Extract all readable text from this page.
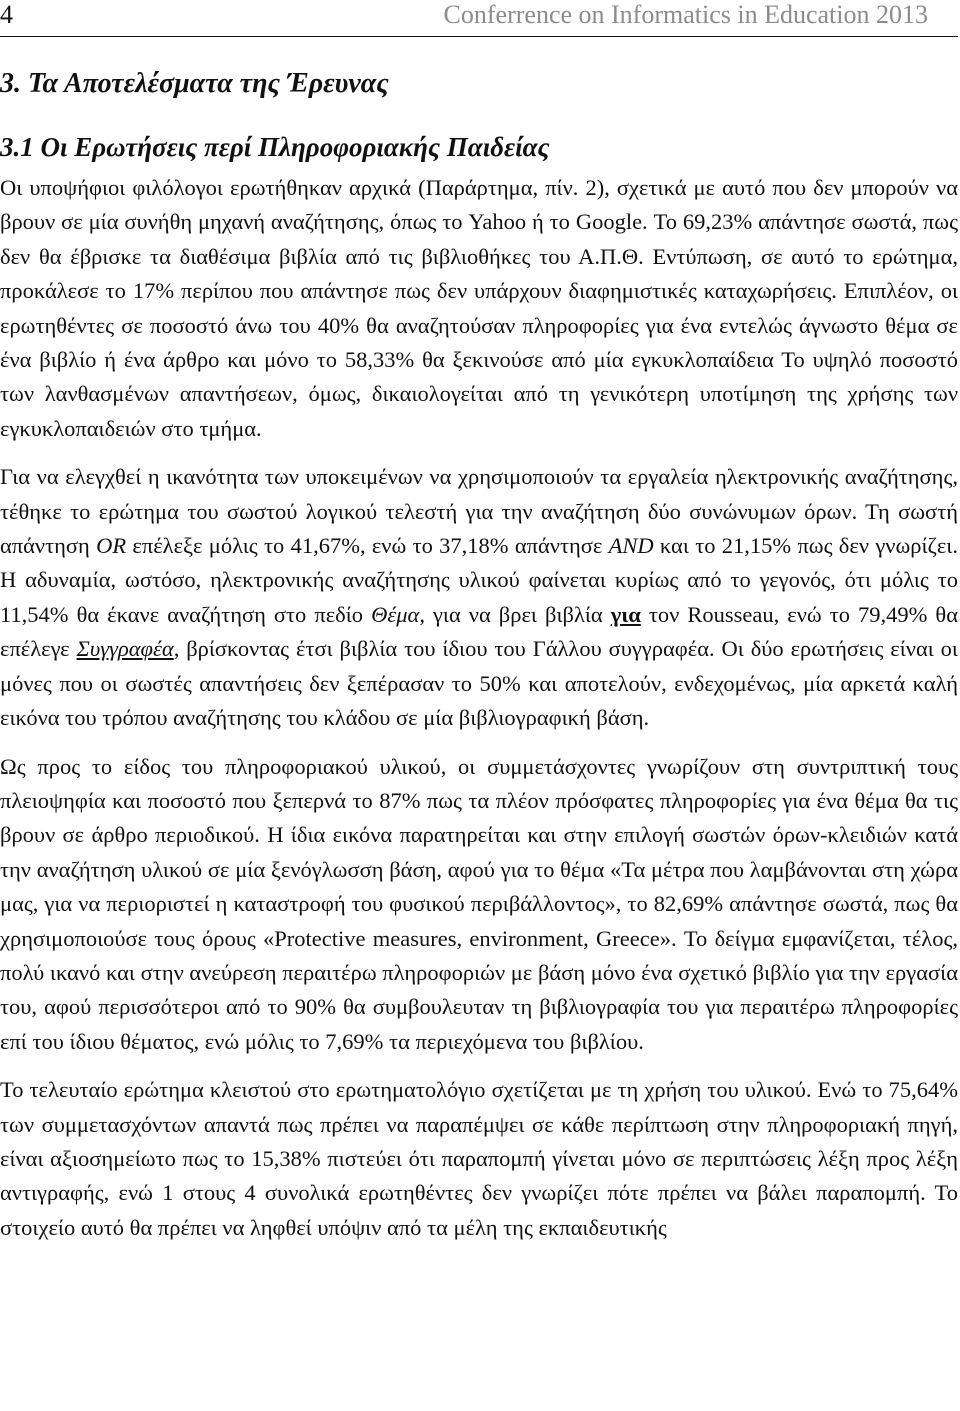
4	Conferrence on Informatics in Education 2013
3. Τα Αποτελέσματα της Έρευνας
3.1 Οι Ερωτήσεις περί Πληροφοριακής Παιδείας

Οι υποψήφιοι φιλόλογοι ερωτήθηκαν αρχικά (Παράρτημα, πίν. 2), σχετικά με αυτό που δεν μπορούν να βρουν σε μία συνήθη μηχανή αναζήτησης, όπως το Yahoo ή το Google. Το 69,23% απάντησε σωστά, πως δεν θα έβρισκε τα διαθέσιμα βιβλία από τις βιβλιοθήκες του Α.Π.Θ. Εντύπωση, σε αυτό το ερώτημα, προκάλεσε το 17% περίπου που απάντησε πως δεν υπάρχουν διαφημιστικές καταχωρήσεις. Επιπλέον, οι ερωτηθέντες σε ποσοστό άνω του 40% θα αναζητούσαν πληροφορίες για ένα εντελώς άγνωστο θέμα σε ένα βιβλίο ή ένα άρθρο και μόνο το 58,33% θα ξεκινούσε από μία εγκυκλοπαίδεια Το υψηλό ποσοστό των λανθασμένων απαντήσεων, όμως, δικαιολογείται από τη γενικότερη υποτίμηση της χρήσης των εγκυκλοπαιδειών στο τμήμα.

Για να ελεγχθεί η ικανότητα των υποκειμένων να χρησιμοποιούν τα εργαλεία ηλεκτρονικής αναζήτησης, τέθηκε το ερώτημα του σωστού λογικού τελεστή για την αναζήτηση δύο συνώνυμων όρων. Τη σωστή απάντηση OR επέλεξε μόλις το 41,67%, ενώ το 37,18% απάντησε AND και το 21,15% πως δεν γνωρίζει. Η αδυναμία, ωστόσο, ηλεκτρονικής αναζήτησης υλικού φαίνεται κυρίως από το γεγονός, ότι μόλις το 11,54% θα έκανε αναζήτηση στο πεδίο Θέμα, για να βρει βιβλία για τον Rousseau, ενώ το 79,49% θα επέλεγε Συγγραφέα, βρίσκοντας έτσι βιβλία του ίδιου του Γάλλου συγγραφέα. Οι δύο ερωτήσεις είναι οι μόνες που οι σωστές απαντήσεις δεν ξεπέρασαν το 50% και αποτελούν, ενδεχομένως, μία αρκετά καλή εικόνα του τρόπου αναζήτησης του κλάδου σε μία βιβλιογραφική βάση.

Ως προς το είδος του πληροφοριακού υλικού, οι συμμετάσχοντες γνωρίζουν στη συντριπτική τους πλειοψηφία και ποσοστό που ξεπερνά το 87% πως τα πλέον πρόσφατες πληροφορίες για ένα θέμα θα τις βρουν σε άρθρο περιοδικού. Η ίδια εικόνα παρατηρείται και στην επιλογή σωστών όρων-κλειδιών κατά την αναζήτηση υλικού σε μία ξενόγλωσση βάση, αφού για το θέμα «Τα μέτρα που λαμβάνονται στη χώρα μας, για να περιοριστεί η καταστροφή του φυσικού περιβάλλοντος», το 82,69% απάντησε σωστά, πως θα χρησιμοποιούσε τους όρους «Protective measures, environment, Greece». Το δείγμα εμφανίζεται, τέλος, πολύ ικανό και στην ανεύρεση περαιτέρω πληροφοριών με βάση μόνο ένα σχετικό βιβλίο για την εργασία του, αφού περισσότεροι από το 90% θα συμβουλευταν τη βιβλιογραφία του για περαιτέρω πληροφορίες επί του ίδιου θέματος, ενώ μόλις το 7,69% τα περιεχόμενα του βιβλίου.

Το τελευταίο ερώτημα κλειστού στο ερωτηματολόγιο σχετίζεται με τη χρήση του υλικού. Ενώ το 75,64% των συμμετασχόντων απαντά πως πρέπει να παραπέμψει σε κάθε περίπτωση στην πληροφοριακή πηγή, είναι αξιοσημείωτο πως το 15,38% πιστεύει ότι παραπομπή γίνεται μόνο σε περιπτώσεις λέξη προς λέξη αντιγραφής, ενώ 1 στους 4 συνολικά ερωτηθέντες δεν γνωρίζει πότε πρέπει να βάλει παραπομπή. Το στοιχείο αυτό θα πρέπει να ληφθεί υπόψιν από τα μέλη της εκπαιδευτικής
